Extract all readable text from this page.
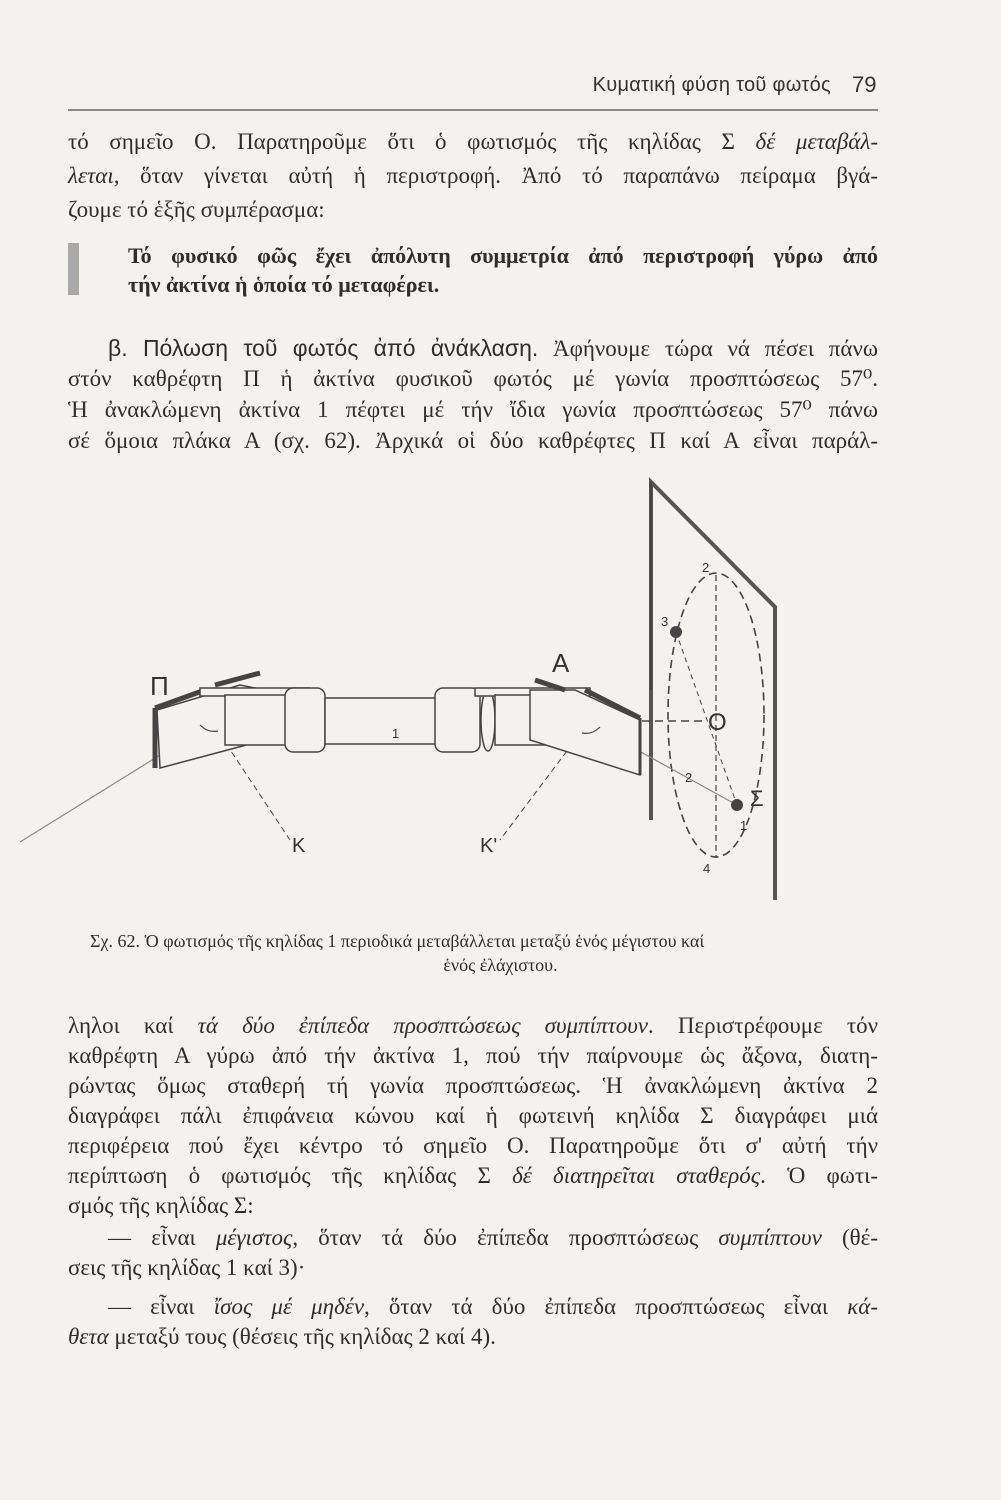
Κυματική φύση τοῦ φωτός 79
τό σημεῖο Ο. Παρατηροῦμε ὅτι ὁ φωτισμός τῆς κηλίδας Σ δέ μεταβάλ-
λεται, ὅταν γίνεται αὐτή ἡ περιστροφή. Ἀπό τό παραπάνω πείραμα βγά-
ζουμε τό ἑξῆς συμπέρασμα:
Τό φυσικό φῶς ἔχει ἀπόλυτη συμμετρία ἀπό περιστροφή γύρω ἀπό
τήν ἀκτίνα ἡ ὁποία τό μεταφέρει.
β. Πόλωση τοῦ φωτός ἀπό ἀνάκλαση. Ἀφήνουμε τώρα νά πέσει πάνω
στόν καθρέφτη Π ἡ ἀκτίνα φυσικοῦ φωτός μέ γωνία προσπτώσεως 57⁰.
Ἡ ἀνακλώμενη ἀκτίνα 1 πέφτει μέ τήν ἴδια γωνία προσπτώσεως 57⁰ πάνω
σέ ὅμοια πλάκα Α (σχ. 62). Ἀρχικά οἱ δύο καθρέφτες Π καί Α εἶναι παράλ-
Π
Α
K	K'
O
Σ
1
1
2
2
3
4
Σχ. 62. Ὁ φωτισμός τῆς κηλίδας 1 περιοδικά μεταβάλλεται μεταξύ ἑνός μέγιστου καί
ἑνός ἐλάχιστου.
ληλοι καί τά δύο ἐπίπεδα προσπτώσεως συμπίπτουν. Περιστρέφουμε τόν
καθρέφτη Α γύρω ἀπό τήν ἀκτίνα 1, πού τήν παίρνουμε ὡς ἄξονα, διατη-
ρώντας ὅμως σταθερή τή γωνία προσπτώσεως. Ἡ ἀνακλώμενη ἀκτίνα 2
διαγράφει πάλι ἐπιφάνεια κώνου καί ἡ φωτεινή κηλίδα Σ διαγράφει μιά
περιφέρεια πού ἔχει κέντρο τό σημεῖο Ο. Παρατηροῦμε ὅτι σ' αὐτή τήν
περίπτωση ὁ φωτισμός τῆς κηλίδας Σ δέ διατηρεῖται σταθερός. Ὁ φωτι-
σμός τῆς κηλίδας Σ:
— εἶναι μέγιστος, ὅταν τά δύο ἐπίπεδα προσπτώσεως συμπίπτουν (θέ-
σεις τῆς κηλίδας 1 καί 3)·
— εἶναι ἴσος μέ μηδέν, ὅταν τά δύο ἐπίπεδα προσπτώσεως εἶναι κά-
θετα μεταξύ τους (θέσεις τῆς κηλίδας 2 καί 4).
